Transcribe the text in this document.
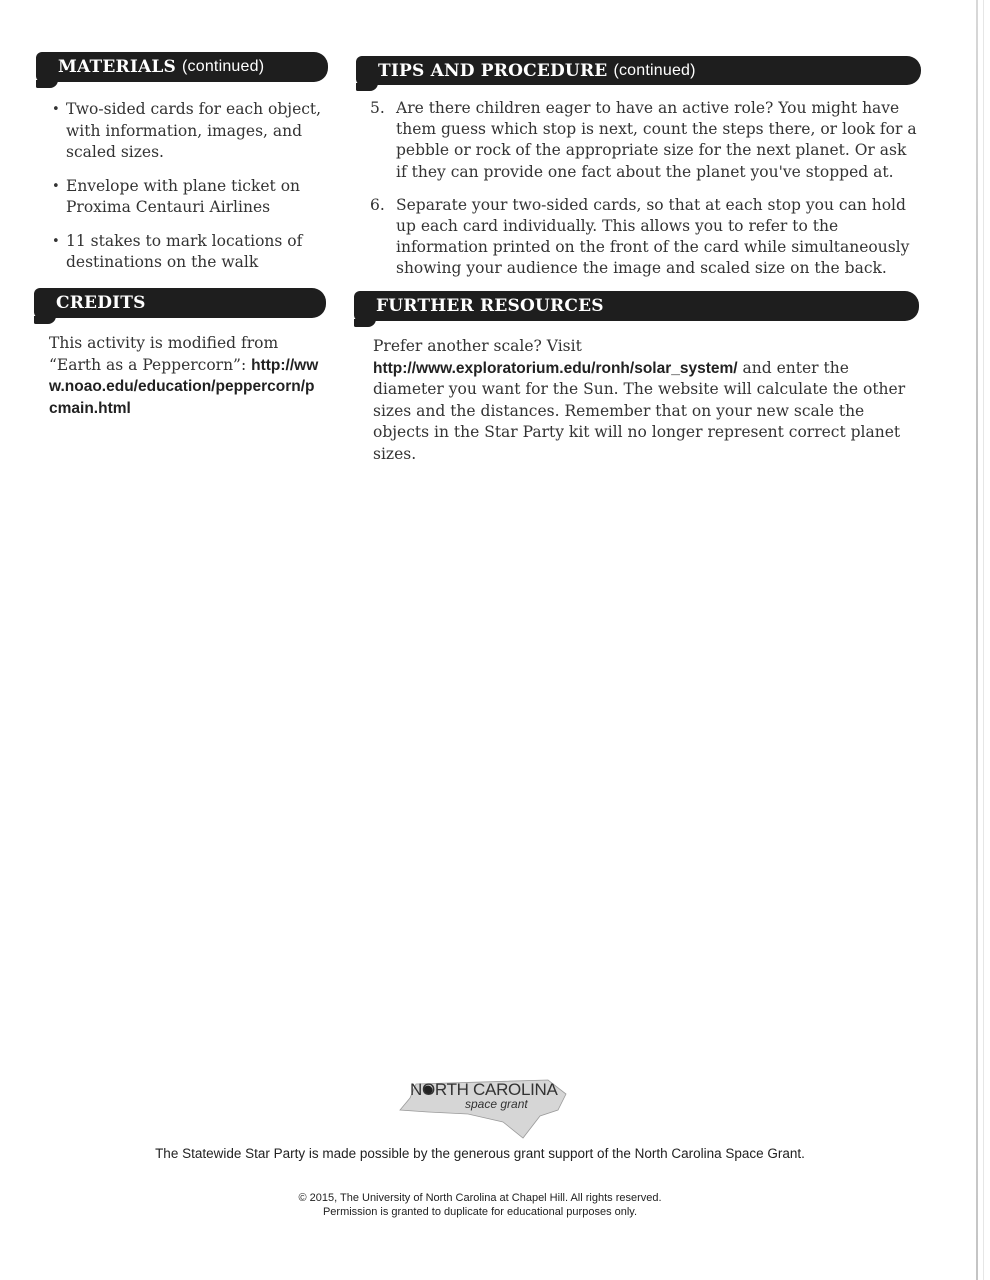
MATERIALS (continued)
• Two-sided cards for each object, with information, images, and scaled sizes.
• Envelope with plane ticket on Proxima Centauri Airlines
• 11 stakes to mark locations of destinations on the walk
TIPS AND PROCEDURE (continued)
5. Are there children eager to have an active role? You might have them guess which stop is next, count the steps there, or look for a pebble or rock of the appropriate size for the next planet. Or ask if they can provide one fact about the planet you've stopped at.
6. Separate your two-sided cards, so that at each stop you can hold up each card individually. This allows you to refer to the information printed on the front of the card while simultaneously showing your audience the image and scaled size on the back.
CREDITS

This activity is modified from “Earth as a Peppercorn”: http://www.noao.edu/education/peppercorn/pcmain.html

FURTHER RESOURCES

Prefer another scale? Visit http://www.exploratorium.edu/ronh/solar_system/ and enter the diameter you want for the Sun. The website will calculate the other sizes and the distances. Remember that on your new scale the objects in the Star Party kit will no longer represent correct planet sizes.

NORTH CAROLINA
space grant
The Statewide Star Party is made possible by the generous grant support of the North Carolina Space Grant.
© 2015, The University of North Carolina at Chapel Hill. All rights reserved.
Permission is granted to duplicate for educational purposes only.
